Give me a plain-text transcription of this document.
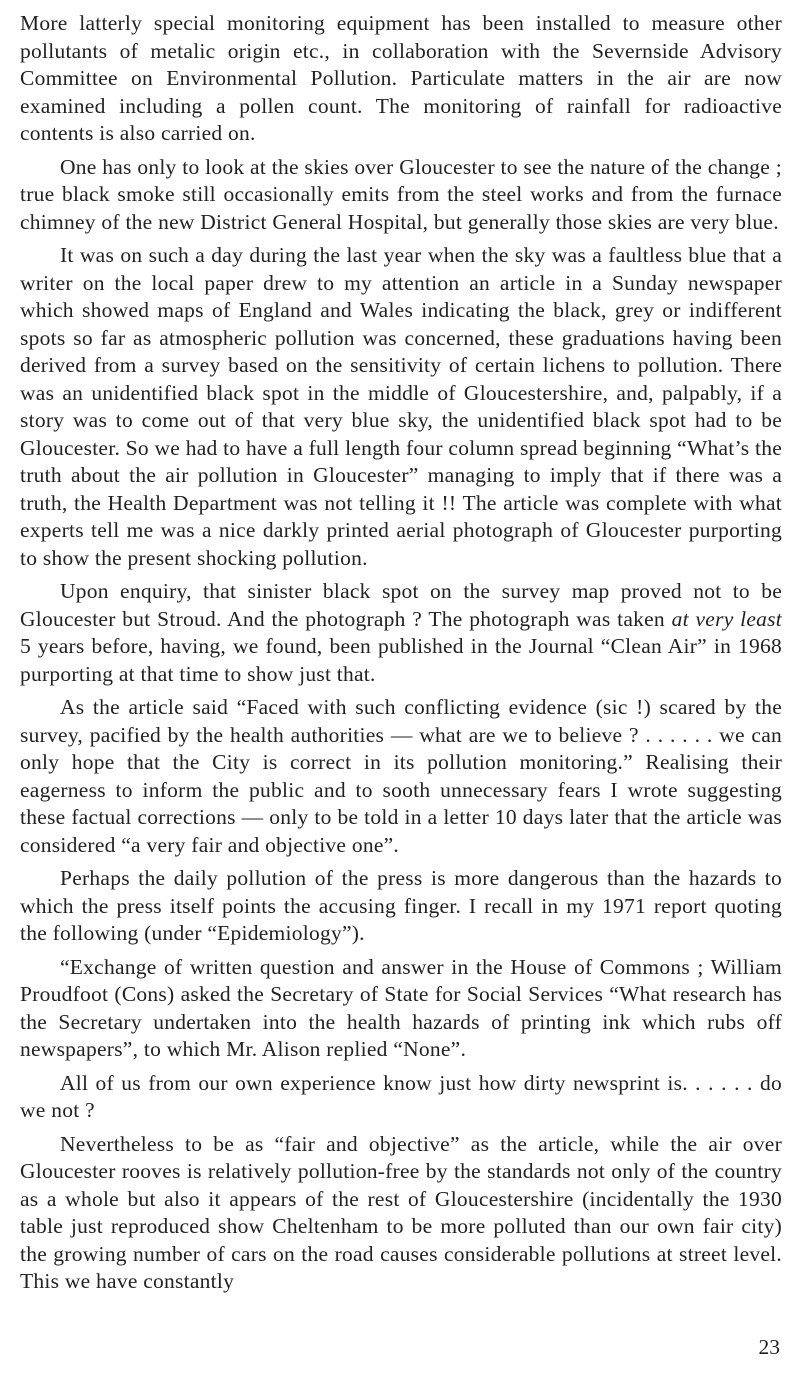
More latterly special monitoring equipment has been installed to measure other pollutants of metalic origin etc., in collaboration with the Severnside Advisory Committee on Environmental Pollution. Particulate matters in the air are now examined including a pollen count. The monitoring of rainfall for radioactive contents is also carried on.

One has only to look at the skies over Gloucester to see the nature of the change ; true black smoke still occasionally emits from the steel works and from the furnace chimney of the new District General Hospital, but generally those skies are very blue.

It was on such a day during the last year when the sky was a faultless blue that a writer on the local paper drew to my attention an article in a Sunday newspaper which showed maps of England and Wales indicating the black, grey or indifferent spots so far as atmospheric pollution was concerned, these graduations having been derived from a survey based on the sensitivity of certain lichens to pollution. There was an unidentified black spot in the middle of Gloucestershire, and, palpably, if a story was to come out of that very blue sky, the unidentified black spot had to be Gloucester. So we had to have a full length four column spread beginning “What’s the truth about the air pollution in Gloucester” managing to imply that if there was a truth, the Health Department was not telling it !! The article was complete with what experts tell me was a nice darkly printed aerial photograph of Gloucester purporting to show the present shocking pollution.

Upon enquiry, that sinister black spot on the survey map proved not to be Gloucester but Stroud. And the photograph ? The photograph was taken at very least 5 years before, having, we found, been published in the Journal “Clean Air” in 1968 purporting at that time to show just that.

As the article said “Faced with such conflicting evidence (sic !) scared by the survey, pacified by the health authorities — what are we to believe ? . . . . . . we can only hope that the City is correct in its pollution monitoring.” Realising their eagerness to inform the public and to sooth unnecessary fears I wrote suggesting these factual corrections — only to be told in a letter 10 days later that the article was considered “a very fair and objective one”.

Perhaps the daily pollution of the press is more dangerous than the hazards to which the press itself points the accusing finger. I recall in my 1971 report quoting the following (under “Epidemiology”).

“Exchange of written question and answer in the House of Commons ; William Proudfoot (Cons) asked the Secretary of State for Social Services “What research has the Secretary undertaken into the health hazards of printing ink which rubs off newspapers”, to which Mr. Alison replied “None”.

All of us from our own experience know just how dirty newsprint is. . . . . . do we not ?

Nevertheless to be as “fair and objective” as the article, while the air over Gloucester rooves is relatively pollution-free by the standards not only of the country as a whole but also it appears of the rest of Gloucestershire (incidentally the 1930 table just reproduced show Cheltenham to be more polluted than our own fair city) the growing number of cars on the road causes considerable pollutions at street level. This we have constantly

23
